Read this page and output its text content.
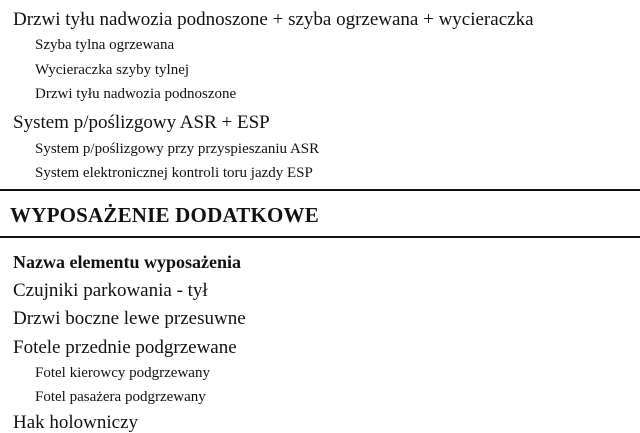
Drzwi tyłu nadwozia podnoszone + szyba ogrzewana + wycieraczka
Szyba tylna ogrzewana
Wycieraczka szyby tylnej
Drzwi tyłu nadwozia podnoszone
System p/poślizgowy ASR + ESP
System p/poślizgowy przy przyspieszaniu ASR
System elektronicznej kontroli toru jazdy ESP
WYPOSAŻENIE DODATKOWE
Nazwa elementu wyposażenia
Czujniki parkowania - tył
Drzwi boczne lewe przesuwne
Fotele przednie podgrzewane
Fotel kierowcy podgrzewany
Fotel pasażera podgrzewany
Hak holowniczy
